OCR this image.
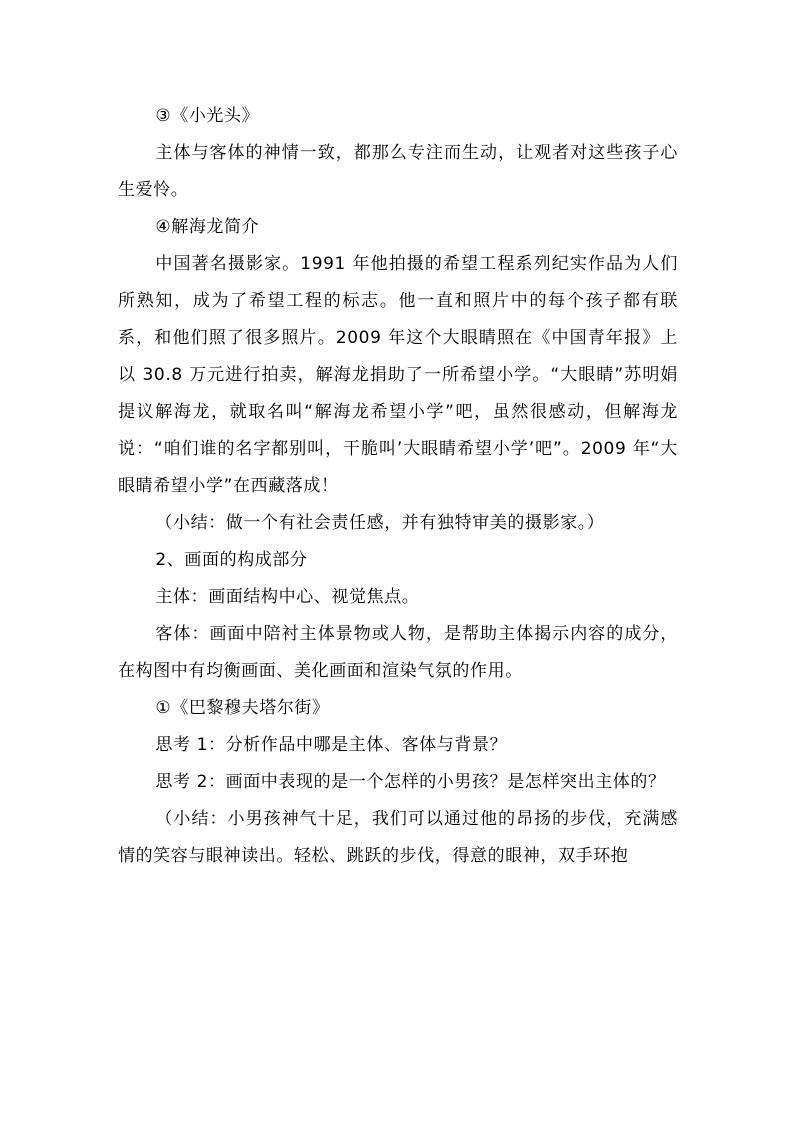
③《小光头》

主体与客体的神情一致，都那么专注而生动，让观者对这些孩子心生爱怜。

④解海龙简介

中国著名摄影家。1991 年他拍摄的希望工程系列纪实作品为人们所熟知，成为了希望工程的标志。他一直和照片中的每个孩子都有联系，和他们照了很多照片。2009 年这个大眼睛照在《中国青年报》上以 30.8 万元进行拍卖，解海龙捐助了一所希望小学。“大眼睛”苏明娟提议解海龙，就取名叫“解海龙希望小学”吧，虽然很感动，但解海龙说：“咱们谁的名字都别叫，干脆叫’大眼睛希望小学’吧”。2009 年“大眼睛希望小学”在西藏落成！

（小结：做一个有社会责任感，并有独特审美的摄影家。）

2、画面的构成部分

主体：画面结构中心、视觉焦点。

客体：画面中陪衬主体景物或人物，是帮助主体揭示内容的成分，在构图中有均衡画面、美化画面和渲染气氛的作用。

①《巴黎穆夫塔尔街》

思考 1：分析作品中哪是主体、客体与背景？

思考 2：画面中表现的是一个怎样的小男孩？是怎样突出主体的？

（小结：小男孩神气十足，我们可以通过他的昂扬的步伐，充满感情的笑容与眼神读出。轻松、跳跃的步伐，得意的眼神，双手环抱
